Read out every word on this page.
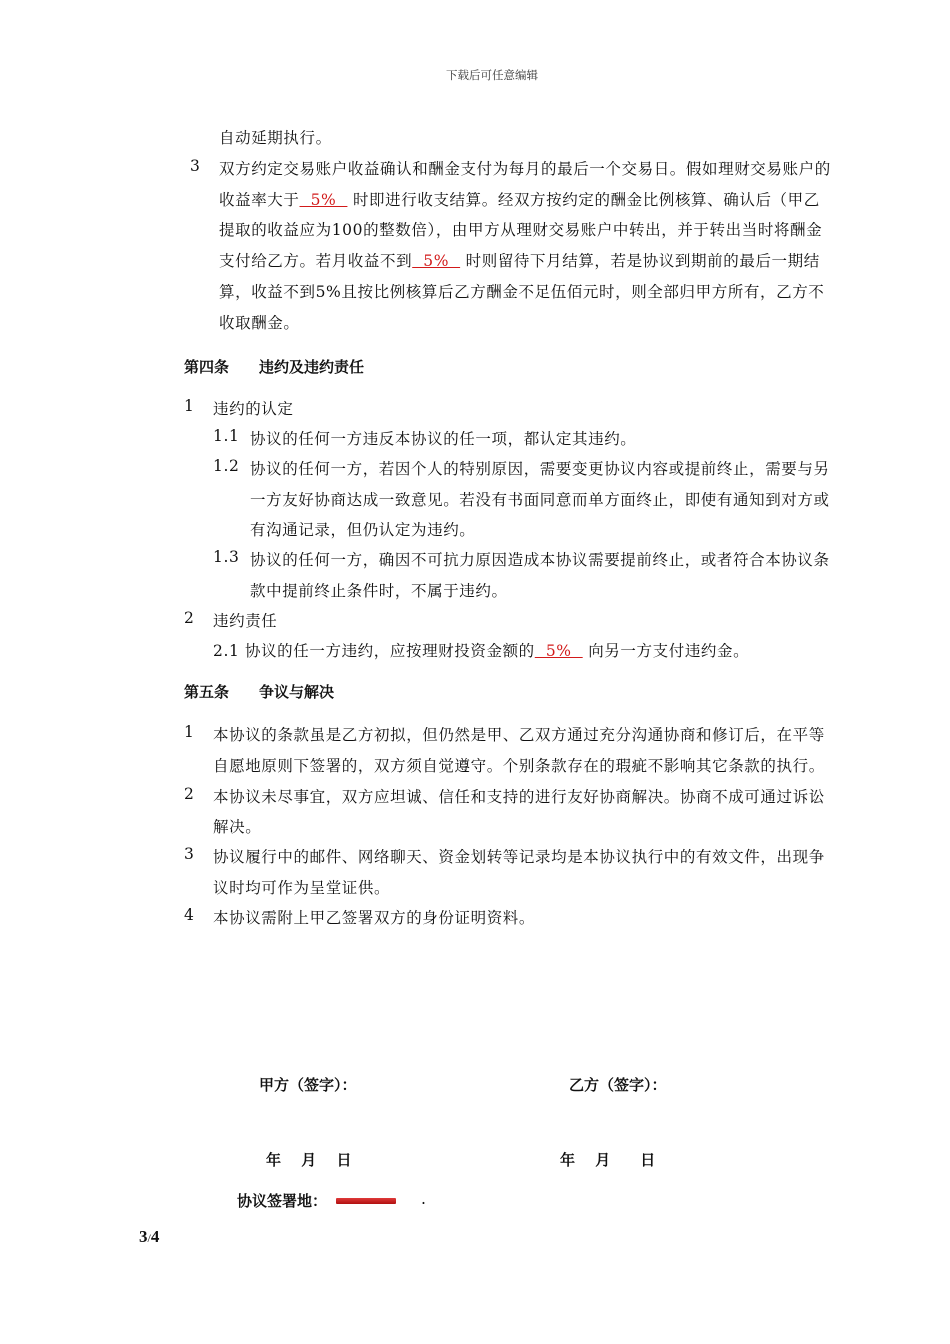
下载后可任意编辑
自动延期执行。
3 双方约定交易账户收益确认和酬金支付为每月的最后一个交易日。假如理财交易账户的
收益率大于  5%   时即进行收支结算。经双方按约定的酬金比例核算、确认后（甲乙
提取的收益应为100的整数倍），由甲方从理财交易账户中转出，并于转出当时将酬金
支付给乙方。若月收益不到  5%   时则留待下月结算，若是协议到期前的最后一期结
算，收益不到5%且按比例核算后乙方酬金不足伍佰元时，则全部归甲方所有，乙方不
收取酬金。
第四条　　违约及违约责任
1 违约的认定
1.1 协议的任何一方违反本协议的任一项，都认定其违约。
1.2 协议的任何一方，若因个人的特别原因，需要变更协议内容或提前终止，需要与另
一方友好协商达成一致意见。若没有书面同意而单方面终止，即使有通知到对方或
有沟通记录，但仍认定为违约。
1.3 协议的任何一方，确因不可抗力原因造成本协议需要提前终止，或者符合本协议条
款中提前终止条件时，不属于违约。
2 违约责任
2.1 协议的任一方违约，应按理财投资金额的  5%   向另一方支付违约金。
第五条　　争议与解决
1 本协议的条款虽是乙方初拟，但仍然是甲、乙双方通过充分沟通协商和修订后，在平等
自愿地原则下签署的，双方须自觉遵守。个别条款存在的瑕疵不影响其它条款的执行。
2 本协议未尽事宜，双方应坦诚、信任和支持的进行友好协商解决。协商不成可通过诉讼
解决。
3 协议履行中的邮件、网络聊天、资金划转等记录均是本协议执行中的有效文件，出现争
议时均可作为呈堂证供。
4 本协议需附上甲乙签署双方的身份证明资料。
甲方（签字）：	乙方（签字）：
年　 月　 日	年　 月　　日
协议签署地：	.
3/4
